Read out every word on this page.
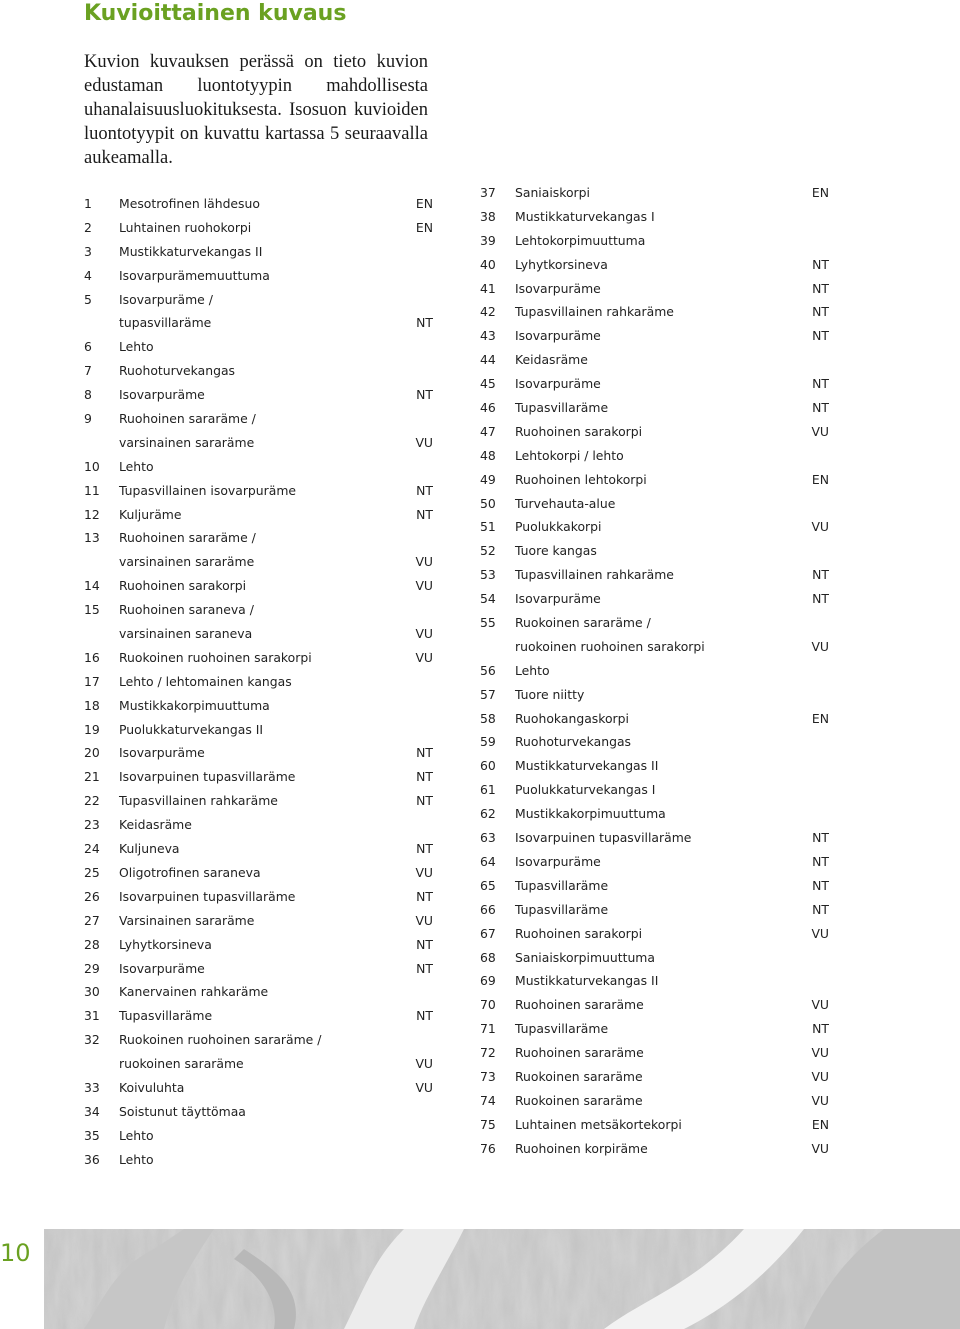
Kuvioittainen kuvaus
Kuvion kuvauksen perässä on tieto kuvion edustaman luontotyypin mahdollisesta uhanalaisuusluokituksesta. Isosuon kuvioiden luontotyypit on kuvattu kartassa 5 seuraavalla aukeamalla.
1 Mesotrofinen lähdesuo	EN
2 Luhtainen ruohokorpi	EN
3 Mustikkaturvekangas II
4 Isovarpurämemuuttuma
5 Isovarpuräme /
tupasvillaräme	NT
6 Lehto
7 Ruohoturvekangas
8 Isovarpuräme	NT
9 Ruohoinen sararäme /
varsinainen sararäme	VU
10 Lehto
11 Tupasvillainen isovarpuräme	NT
12 Kuljuräme	NT
13 Ruohoinen sararäme /
varsinainen sararäme	VU
14 Ruohoinen sarakorpi	VU
15 Ruohoinen saraneva /
varsinainen saraneva	VU
16 Ruokoinen ruohoinen sarakorpi	VU
17 Lehto / lehtomainen kangas
18 Mustikkakorpimuuttuma
19 Puolukkaturvekangas II
20 Isovarpuräme	NT
21 Isovarpuinen tupasvillaräme	NT
22 Tupasvillainen rahkaräme	NT
23 Keidasräme
24 Kuljuneva	NT
25 Oligotrofinen saraneva	VU
26 Isovarpuinen tupasvillaräme	NT
27 Varsinainen sararäme	VU
28 Lyhytkorsineva	NT
29 Isovarpuräme	NT
30 Kanervainen rahkaräme
31 Tupasvillaräme	NT
32 Ruokoinen ruohoinen sararäme /
ruokoinen sararäme	VU
33 Koivuluhta	VU
34 Soistunut täyttömaa
35 Lehto
36 Lehto
37 Saniaiskorpi	EN
38 Mustikkaturvekangas I
39 Lehtokorpimuuttuma
40 Lyhytkorsineva	NT
41 Isovarpuräme	NT
42 Tupasvillainen rahkaräme	NT
43 Isovarpuräme	NT
44 Keidasräme
45 Isovarpuräme	NT
46 Tupasvillaräme	NT
47 Ruohoinen sarakorpi	VU
48 Lehtokorpi / lehto
49 Ruohoinen lehtokorpi	EN
50 Turvehauta-alue
51 Puolukkakorpi	VU
52 Tuore kangas
53 Tupasvillainen rahkaräme	NT
54 Isovarpuräme	NT
55 Ruokoinen sararäme /
ruokoinen ruohoinen sarakorpi	VU
56 Lehto
57 Tuore niitty
58 Ruohokangaskorpi	EN
59 Ruohoturvekangas
60 Mustikkaturvekangas II
61 Puolukkaturvekangas I
62 Mustikkakorpimuuttuma
63 Isovarpuinen tupasvillaräme	NT
64 Isovarpuräme	NT
65 Tupasvillaräme	NT
66 Tupasvillaräme	NT
67 Ruohoinen sarakorpi	VU
68 Saniaiskorpimuuttuma
69 Mustikkaturvekangas II
70 Ruohoinen sararäme	VU
71 Tupasvillaräme	NT
72 Ruohoinen sararäme	VU
73 Ruokoinen sararäme	VU
74 Ruokoinen sararäme	VU
75 Luhtainen metsäkortekorpi	EN
76 Ruohoinen korpiräme	VU
10
